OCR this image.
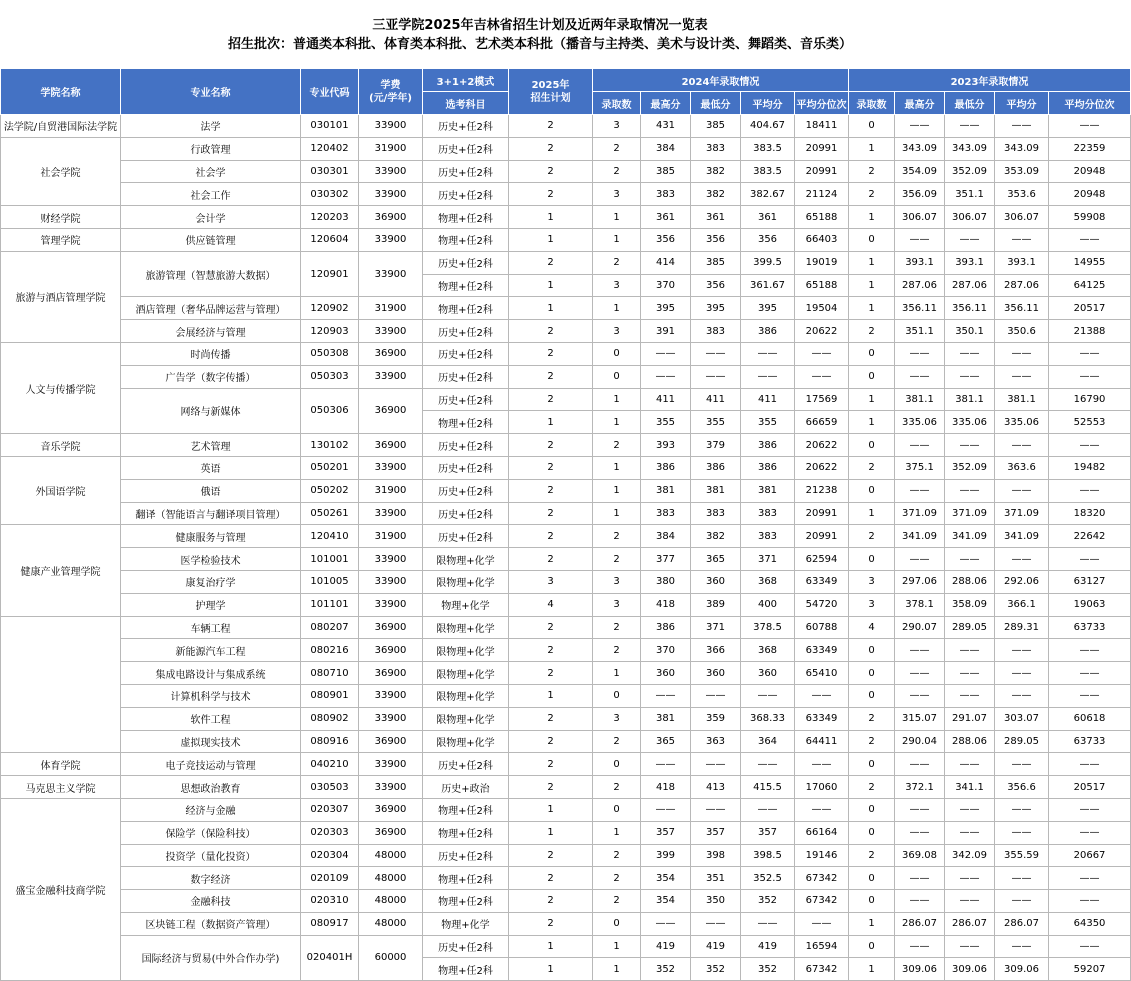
三亚学院2025年吉林省招生计划及近两年录取情况一览表
招生批次：普通类本科批、体育类本科批、艺术类本科批（播音与主持类、美术与设计类、舞蹈类、音乐类）
学院名称	专业名称	专业代码	学费
(元/学年)	3+1+2模式	2025年
招生计划	2024年录取情况					2023年录取情况				
				选考科目		录取数	最高分	最低分	平均分	平均分位次	录取数	最高分	最低分	平均分	平均分位次
法学院/自贸港国际法学院	法学	030101	33900	历史+任2科	2	3	431	385	404.67	18411	0	——	——	——	——
社会学院	行政管理	120402	31900	历史+任2科	2	2	384	383	383.5	20991	1	343.09	343.09	343.09	22359
	社会学	030301	33900	历史+任2科	2	2	385	382	383.5	20991	2	354.09	352.09	353.09	20948
	社会工作	030302	33900	历史+任2科	2	3	383	382	382.67	21124	2	356.09	351.1	353.6	20948
财经学院	会计学	120203	36900	物理+任2科	1	1	361	361	361	65188	1	306.07	306.07	306.07	59908
管理学院	供应链管理	120604	33900	物理+任2科	1	1	356	356	356	66403	0	——	——	——	——
旅游与酒店管理学院	旅游管理（智慧旅游大数据）	120901	33900	历史+任2科	2	2	414	385	399.5	19019	1	393.1	393.1	393.1	14955
				物理+任2科	1	3	370	356	361.67	65188	1	287.06	287.06	287.06	64125
	酒店管理（奢华品牌运营与管理）	120902	31900	物理+任2科	1	1	395	395	395	19504	1	356.11	356.11	356.11	20517
	会展经济与管理	120903	33900	历史+任2科	2	3	391	383	386	20622	2	351.1	350.1	350.6	21388
人文与传播学院	时尚传播	050308	36900	历史+任2科	2	0	——	——	——	——	0	——	——	——	——
	广告学（数字传播）	050303	33900	历史+任2科	2	0	——	——	——	——	0	——	——	——	——
	网络与新媒体	050306	36900	历史+任2科	2	1	411	411	411	17569	1	381.1	381.1	381.1	16790
				物理+任2科	1	1	355	355	355	66659	1	335.06	335.06	335.06	52553
音乐学院	艺术管理	130102	36900	历史+任2科	2	2	393	379	386	20622	0	——	——	——	——
外国语学院	英语	050201	33900	历史+任2科	2	1	386	386	386	20622	2	375.1	352.09	363.6	19482
	俄语	050202	31900	历史+任2科	2	1	381	381	381	21238	0	——	——	——	——
	翻译（智能语言与翻译项目管理）	050261	33900	历史+任2科	2	1	383	383	383	20991	1	371.09	371.09	371.09	18320
健康产业管理学院	健康服务与管理	120410	31900	历史+任2科	2	2	384	382	383	20991	2	341.09	341.09	341.09	22642
	医学检验技术	101001	33900	限物理+化学	2	2	377	365	371	62594	0	——	——	——	——
	康复治疗学	101005	33900	限物理+化学	3	3	380	360	368	63349	3	297.06	288.06	292.06	63127
	护理学	101101	33900	物理+化学	4	3	418	389	400	54720	3	378.1	358.09	366.1	19063
	车辆工程	080207	36900	限物理+化学	2	2	386	371	378.5	60788	4	290.07	289.05	289.31	63733
	新能源汽车工程	080216	36900	限物理+化学	2	2	370	366	368	63349	0	——	——	——	——
	集成电路设计与集成系统	080710	36900	限物理+化学	2	1	360	360	360	65410	0	——	——	——	——
	计算机科学与技术	080901	33900	限物理+化学	1	0	——	——	——	——	0	——	——	——	——
	软件工程	080902	33900	限物理+化学	2	3	381	359	368.33	63349	2	315.07	291.07	303.07	60618
	虚拟现实技术	080916	36900	限物理+化学	2	2	365	363	364	64411	2	290.04	288.06	289.05	63733
体育学院	电子竞技运动与管理	040210	33900	历史+任2科	2	0	——	——	——	——	0	——	——	——	——
马克思主义学院	思想政治教育	030503	33900	历史+政治	2	2	418	413	415.5	17060	2	372.1	341.1	356.6	20517
盛宝金融科技商学院	经济与金融	020307	36900	物理+任2科	1	0	——	——	——	——	0	——	——	——	——
	保险学（保险科技）	020303	36900	物理+任2科	1	1	357	357	357	66164	0	——	——	——	——
	投资学（量化投资）	020304	48000	历史+任2科	2	2	399	398	398.5	19146	2	369.08	342.09	355.59	20667
	数字经济	020109	48000	物理+任2科	2	2	354	351	352.5	67342	0	——	——	——	——
	金融科技	020310	48000	物理+任2科	2	2	354	350	352	67342	0	——	——	——	——
	区块链工程（数据资产管理）	080917	48000	物理+化学	2	0	——	——	——	——	1	286.07	286.07	286.07	64350
	国际经济与贸易(中外合作办学)	020401H	60000	历史+任2科	1	1	419	419	419	16594	0	——	——	——	——
				物理+任2科	1	1	352	352	352	67342	1	309.06	309.06	309.06	59207
